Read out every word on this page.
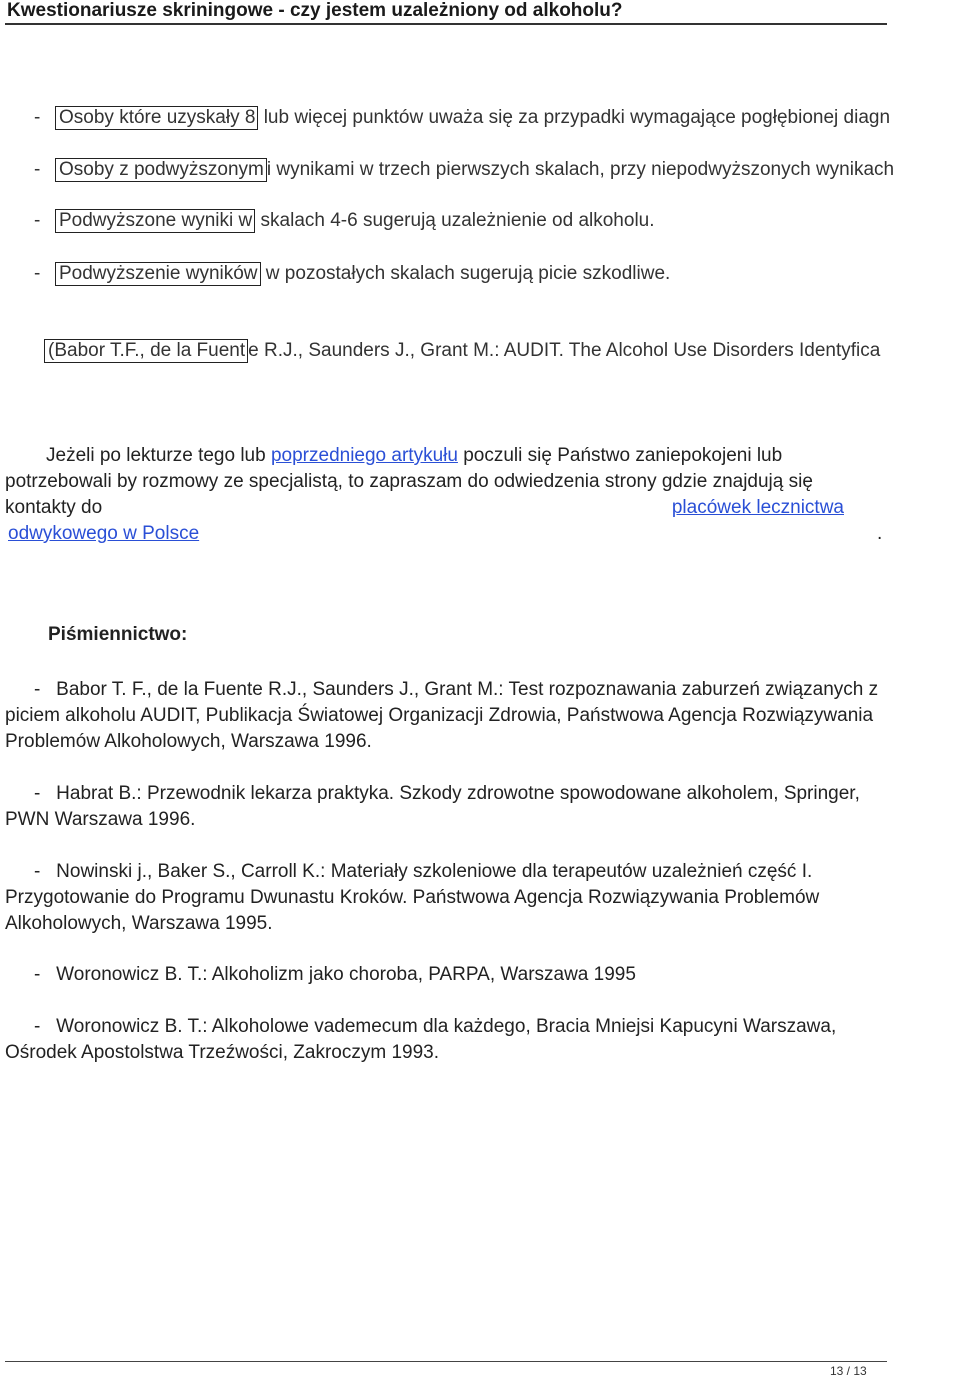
Kwestionariusze skriningowe - czy jestem uzależniony od alkoholu?
- Osoby które uzyskały 8 lub więcej punktów uważa się za przypadki wymagające pogłębionej diagn
- Osoby z podwyższonym i wynikami w trzech pierwszych skalach, przy niepodwyższonych wynikach
- Podwyższone wyniki w skalach 4-6 sugerują uzależnienie od alkoholu.
- Podwyższenie wyników w pozostałych skalach sugerują picie szkodliwe.
(Babor T.F., de la Fuent e R.J., Saunders J., Grant M.: AUDIT. The Alcohol Use Disorders Identyfica
Jeżeli po lekturze tego lub poprzedniego artykułu poczuli się Państwo zaniepokojeni lub potrzebowali by rozmowy ze specjalistą, to zapraszam do odwiedzenia strony gdzie znajdują się kontakty do	placówek lecznictwa
odwykowego w Polsce	.
Piśmiennictwo:
- Babor T. F., de la Fuente R.J., Saunders J., Grant M.: Test rozpoznawania zaburzeń związanych z piciem alkoholu AUDIT, Publikacja Światowej Organizacji Zdrowia, Państwowa Agencja Rozwiązywania Problemów Alkoholowych, Warszawa 1996.
- Habrat B.: Przewodnik lekarza praktyka. Szkody zdrowotne spowodowane alkoholem, Springer, PWN Warszawa 1996.
- Nowinski j., Baker S., Carroll K.: Materiały szkoleniowe dla terapeutów uzależnień część I. Przygotowanie do Programu Dwunastu Kroków. Państwowa Agencja Rozwiązywania Problemów Alkoholowych, Warszawa 1995.
- Woronowicz B. T.: Alkoholizm jako choroba, PARPA, Warszawa 1995
- Woronowicz B. T.: Alkoholowe vademecum dla każdego, Bracia Mniejsi Kapucyni Warszawa, Ośrodek Apostolstwa Trzeźwości, Zakroczym 1993.
13 / 13
